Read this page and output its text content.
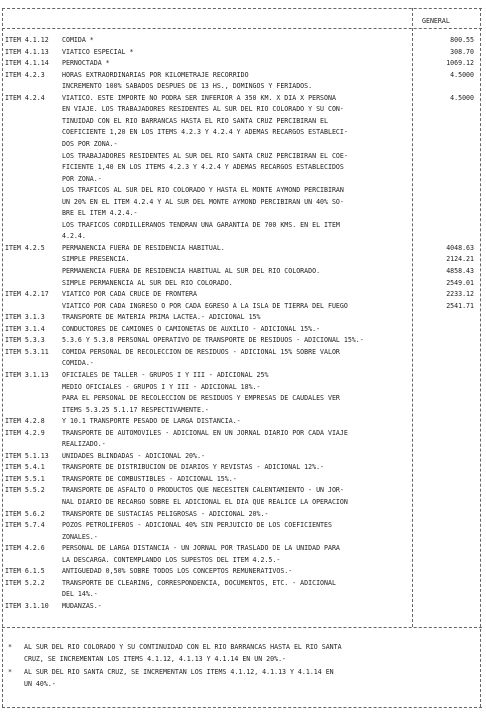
GENERAL
ITEM 4.1.12 COMIDA *	800.55
ITEM 4.1.13 VIATICO ESPECIAL *	308.70
ITEM 4.1.14 PERNOCTADA *	1069.12
ITEM 4.2.3	HORAS EXTRAORDINARIAS POR KILOMETRAJE RECORRIDO	4.5000
INCREMENTO 100% SABADOS DESPUES DE 13 HS., DOMINGOS Y FERIADOS.
ITEM 4.2.4	VIATICO. ESTE IMPORTE NO PODRA SER INFERIOR A 350 KM. X DIA X PERSONA	4.5000
EN VIAJE. LOS TRABAJADORES RESIDENTES AL SUR DEL RIO COLORADO Y SU CON-
TINUIDAD CON EL RIO BARRANCAS HASTA EL RIO SANTA CRUZ PERCIBIRAN EL
COEFICIENTE 1,20 EN LOS ITEMS 4.2.3 Y 4.2.4 Y ADEMAS RECARGOS ESTABLECI-
DOS POR ZONA.-
LOS TRABAJADORES RESIDENTES AL SUR DEL RIO SANTA CRUZ PERCIBIRAN EL COE-
FICIENTE 1,40 EN LOS ITEMS 4.2.3 Y 4.2.4 Y ADEMAS RECARGOS ESTABLECIDOS
POR ZONA.-
LOS TRAFICOS AL SUR DEL RIO COLORADO Y HASTA EL MONTE AYMOND PERCIBIRAN
UN 20% EN EL ITEM 4.2.4 Y AL SUR DEL MONTE AYMOND PERCIBIRAN UN 40% SO-
BRE EL ITEM 4.2.4.-
LOS TRAFICOS CORDILLERANOS TENDRAN UNA GARANTIA DE 700 KMS. EN EL ITEM
4.2.4.
ITEM 4.2.5	PERMANENCIA FUERA DE RESIDENCIA HABITUAL.	4048.63
SIMPLE PRESENCIA.	2124.21
PERMANENCIA FUERA DE RESIDENCIA HABITUAL AL SUR DEL RIO COLORADO.	4858.43
SIMPLE PERMANENCIA AL SUR DEL RIO COLORADO.	2549.01
ITEM 4.2.17 VIATICO POR CADA CRUCE DE FRONTERA	2233.12
VIATICO POR CADA INGRESO O POR CADA EGRESO A LA ISLA DE TIERRA DEL FUEGO	2541.71
ITEM 3.1.3	TRANSPORTE DE MATERIA PRIMA LACTEA.- ADICIONAL 15%
ITEM 3.1.4	CONDUCTORES DE CAMIONES O CAMIONETAS DE AUXILIO - ADICIONAL 15%.-
ITEM 5.3.3	5.3.6 Y 5.3.8 PERSONAL OPERATIVO DE TRANSPORTE DE RESIDUOS - ADICIONAL 15%.-
ITEM 5.3.11 COMIDA PERSONAL DE RECOLECCION DE RESIDUOS - ADICIONAL 15% SOBRE VALOR
COMIDA.-
ITEM 3.1.13 OFICIALES DE TALLER - GRUPOS I Y III - ADICIONAL 25%
MEDIO OFICIALES - GRUPOS I Y III - ADICIONAL 18%.-
PARA EL PERSONAL DE RECOLECCION DE RESIDUOS Y EMPRESAS DE CAUDALES VER
ITEMS 5.3.25 5.1.17 RESPECTIVAMENTE.-
ITEM 4.2.8	Y 10.1 TRANSPORTE PESADO DE LARGA DISTANCIA.-
ITEM 4.2.9	TRANSPORTE DE AUTOMOVILES - ADICIONAL EN UN JORNAL DIARIO POR CADA VIAJE
REALIZADO.-
ITEM 5.1.13 UNIDADES BLINDADAS - ADICIONAL 20%.-
ITEM 5.4.1	TRANSPORTE DE DISTRIBUCION DE DIARIOS Y REVISTAS - ADICIONAL 12%.-
ITEM 5.5.1	TRANSPORTE DE COMBUSTIBLES - ADICIONAL 15%.-
ITEM 5.5.2	TRANSPORTE DE ASFALTO O PRODUCTOS QUE NECESITEN CALENTAMIENTO - UN JOR-
NAL DIARIO DE RECARGO SOBRE EL ADICIONAL EL DIA QUE REALICE LA OPERACION
ITEM 5.6.2	TRANSPORTE DE SUSTACIAS PELIGROSAS - ADICIONAL 20%.-
ITEM 5.7.4	POZOS PETROLIFEROS - ADICIONAL 40% SIN PERJUICIO DE LOS COEFICIENTES
ZONALES.-
ITEM 4.2.6	PERSONAL DE LARGA DISTANCIA - UN JORNAL POR TRASLADO DE LA UNIDAD PARA
LA DESCARGA. CONTEMPLANDO LOS SUPESTOS DEL ITEM 4.2.5.-
ITEM 6.1.5	ANTIGUEDAD 0,50% SOBRE TODOS LOS CONCEPTOS REMUNERATIVOS.-
ITEM 5.2.2	TRANSPORTE DE CLEARING, CORRESPONDENCIA, DOCUMENTOS, ETC. - ADICIONAL
DEL 14%.-
ITEM 3.1.10 MUDANZAS.-
* AL SUR DEL RIO COLORADO Y SU CONTINUIDAD CON EL RIO BARRANCAS HASTA EL RIO SANTA
CRUZ, SE INCREMENTAN LOS ITEMS 4.1.12, 4.1.13 Y 4.1.14 EN UN 20%.-
* AL SUR DEL RIO SANTA CRUZ, SE INCREMENTAN LOS ITEMS 4.1.12, 4.1.13 Y 4.1.14 EN
UN 40%.-
